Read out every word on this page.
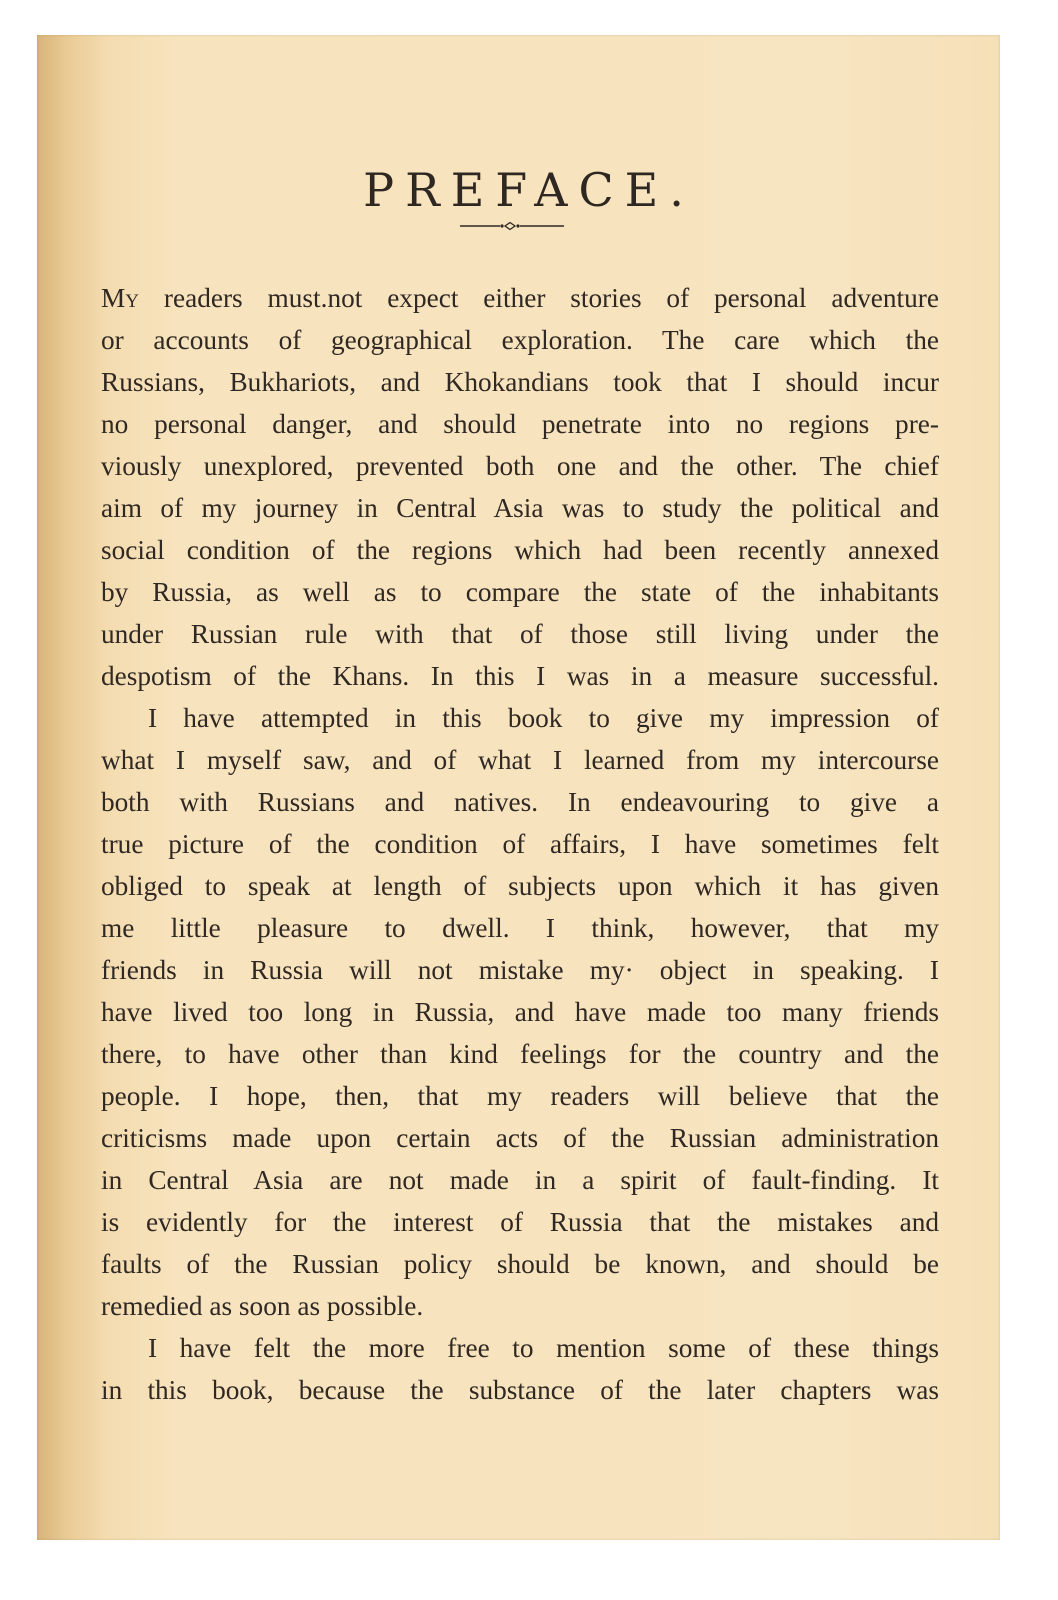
PREFACE.
My readers must.not expect either stories of personal adventure
or accounts of geographical exploration. The care which the
Russians, Bukhariots, and Khokandians took that I should incur
no personal danger, and should penetrate into no regions pre-
viously unexplored, prevented both one and the other. The chief
aim of my journey in Central Asia was to study the political and
social condition of the regions which had been recently annexed
by Russia, as well as to compare the state of the inhabitants
under Russian rule with that of those still living under the
despotism of the Khans. In this I was in a measure successful.
I have attempted in this book to give my impression of
what I myself saw, and of what I learned from my intercourse
both with Russians and natives. In endeavouring to give a
true picture of the condition of affairs, I have sometimes felt
obliged to speak at length of subjects upon which it has given
me little pleasure to dwell. I think, however, that my
friends in Russia will not mistake my· object in speaking. I
have lived too long in Russia, and have made too many friends
there, to have other than kind feelings for the country and the
people. I hope, then, that my readers will believe that the
criticisms made upon certain acts of the Russian administration
in Central Asia are not made in a spirit of fault-finding. It
is evidently for the interest of Russia that the mistakes and
faults of the Russian policy should be known, and should be
remedied as soon as possible.
I have felt the more free to mention some of these things
in this book, because the substance of the later chapters was
